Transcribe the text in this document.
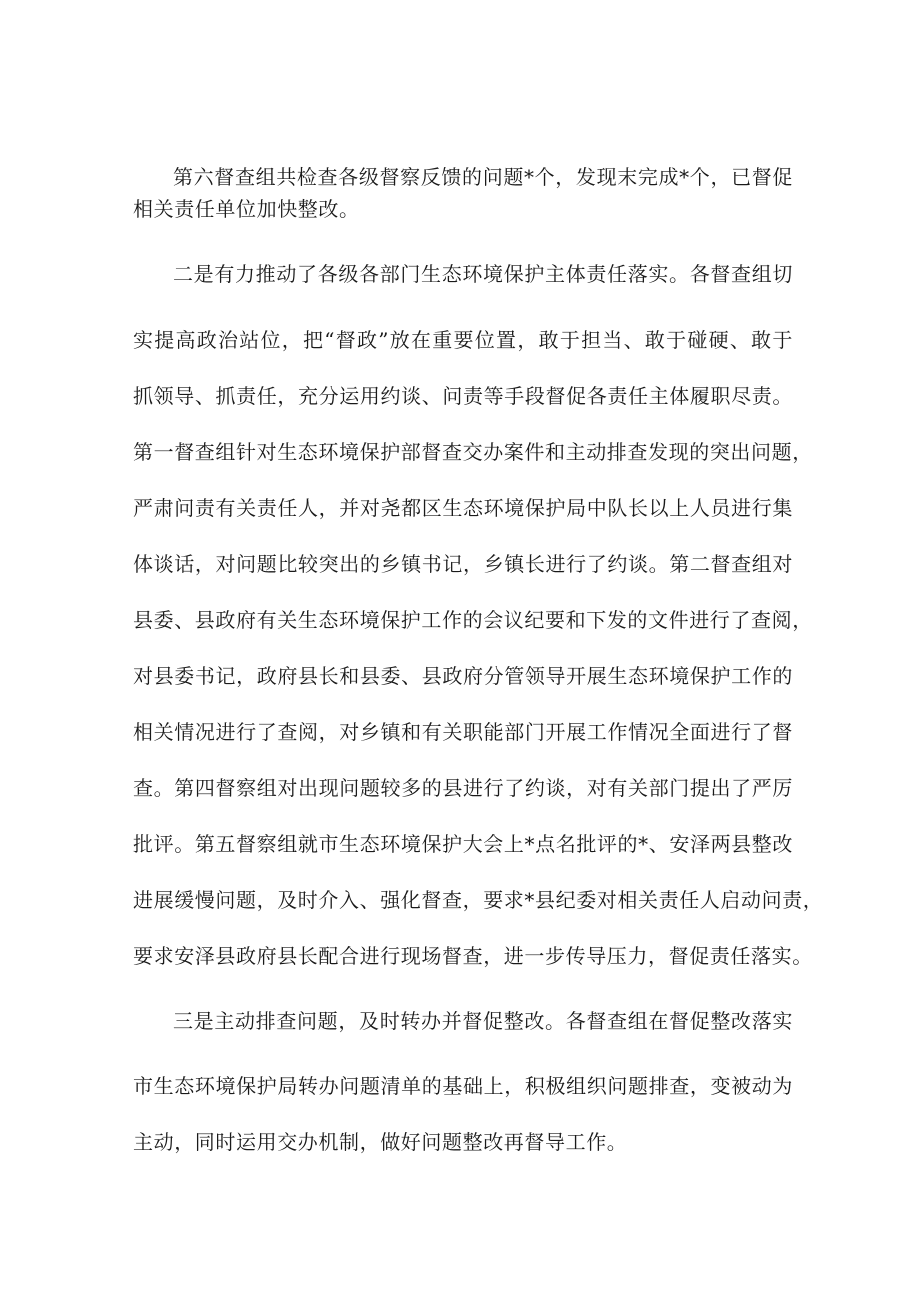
第六督查组共检查各级督察反馈的问题*个，发现末完成*个，已督促
相关责任单位加快整改。
二是有力推动了各级各部门生态环境保护主体责任落实。各督查组切
实提高政治站位，把“督政”放在重要位置，敢于担当、敢于碰硬、敢于
抓领导、抓责任，充分运用约谈、问责等手段督促各责任主体履职尽责。
第一督查组针对生态环境保护部督查交办案件和主动排查发现的突出问题，
严肃问责有关责任人，并对尧都区生态环境保护局中队长以上人员进行集
体谈话，对问题比较突出的乡镇书记，乡镇长进行了约谈。第二督查组对
县委、县政府有关生态环境保护工作的会议纪要和下发的文件进行了查阅，
对县委书记，政府县长和县委、县政府分管领导开展生态环境保护工作的
相关情况进行了查阅，对乡镇和有关职能部门开展工作情况全面进行了督
查。第四督察组对出现问题较多的县进行了约谈，对有关部门提出了严厉
批评。第五督察组就市生态环境保护大会上*点名批评的*、安泽两县整改
进展缓慢问题，及时介入、强化督查，要求*县纪委对相关责任人启动问责，
要求安泽县政府县长配合进行现场督查，进一步传导压力，督促责任落实。
三是主动排查问题，及时转办并督促整改。各督查组在督促整改落实
市生态环境保护局转办问题清单的基础上，积极组织问题排查，变被动为
主动，同时运用交办机制，做好问题整改再督导工作。
